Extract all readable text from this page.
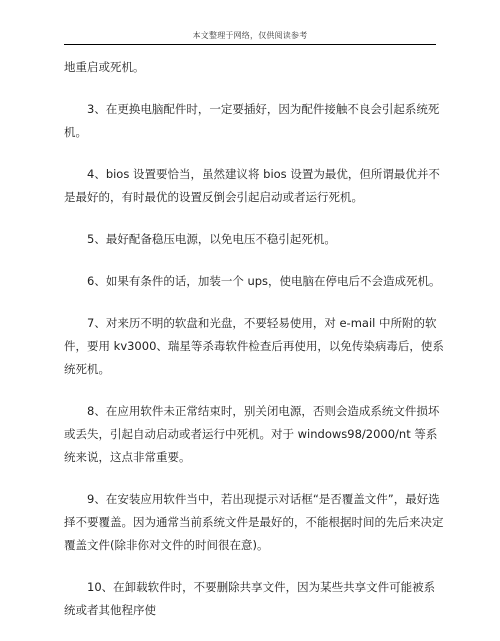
本文整理于网络，仅供阅读参考

地重启或死机。

3、在更换电脑配件时，一定要插好，因为配件接触不良会引起系统死机。

4、bios 设置要恰当，虽然建议将 bios 设置为最优，但所谓最优并不是最好的，有时最优的设置反倒会引起启动或者运行死机。

5、最好配备稳压电源，以免电压不稳引起死机。

6、如果有条件的话，加装一个 ups，使电脑在停电后不会造成死机。

7、对来历不明的软盘和光盘，不要轻易使用，对 e-mail 中所附的软件，要用 kv3000、瑞星等杀毒软件检查后再使用，以免传染病毒后，使系统死机。

8、在应用软件未正常结束时，别关闭电源，否则会造成系统文件损坏或丢失，引起自动启动或者运行中死机。对于 windows98/2000/nt 等系统来说，这点非常重要。

9、在安装应用软件当中，若出现提示对话框“是否覆盖文件”，最好选择不要覆盖。因为通常当前系统文件是最好的，不能根据时间的先后来决定覆盖文件(除非你对文件的时间很在意)。

10、在卸载软件时，不要删除共享文件，因为某些共享文件可能被系统或者其他程序使
